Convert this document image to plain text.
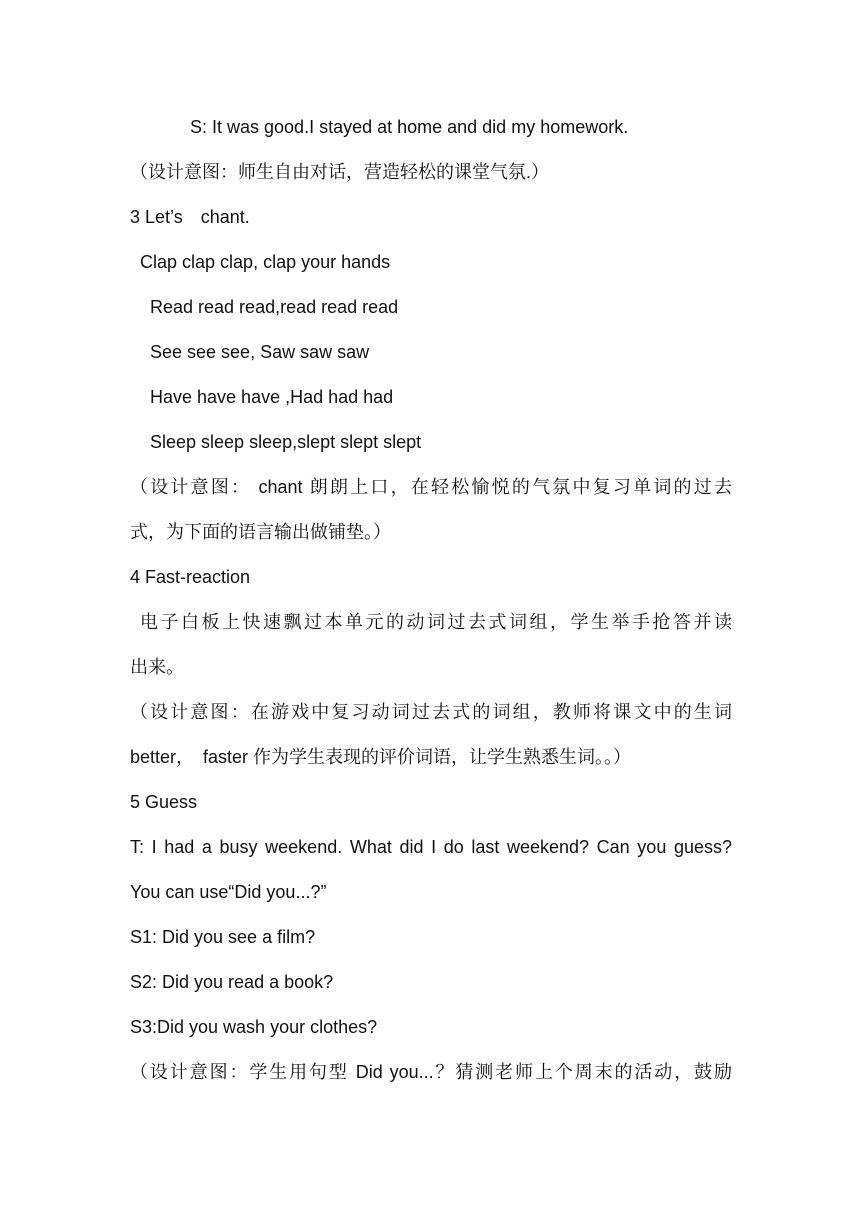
S: It was good.I stayed at home and did my homework.
（设计意图：师生自由对话，营造轻松的课堂气氛.）
3 Let’s　chant.
Clap clap clap, clap your hands
Read read read,read read read
See see see, Saw saw saw
Have have have ,Had had had
Sleep sleep sleep,slept slept slept
（设计意图： chant 朗朗上口，在轻松愉悦的气氛中复习单词的过去
式，为下面的语言输出做铺垫。）
4 Fast-reaction
电子白板上快速飘过本单元的动词过去式词组，学生举手抢答并读
出来。
（设计意图：在游戏中复习动词过去式的词组，教师将课文中的生词
better，　faster 作为学生表现的评价词语，让学生熟悉生词。。）
5 Guess
T: I had a busy weekend. What did I do last weekend? Can you guess?
You can use“Did you...?”
S1: Did you see a film?
S2: Did you read a book?
S3:Did you wash your clothes?
（设计意图：学生用句型 Did you...？猜测老师上个周末的活动，鼓励
